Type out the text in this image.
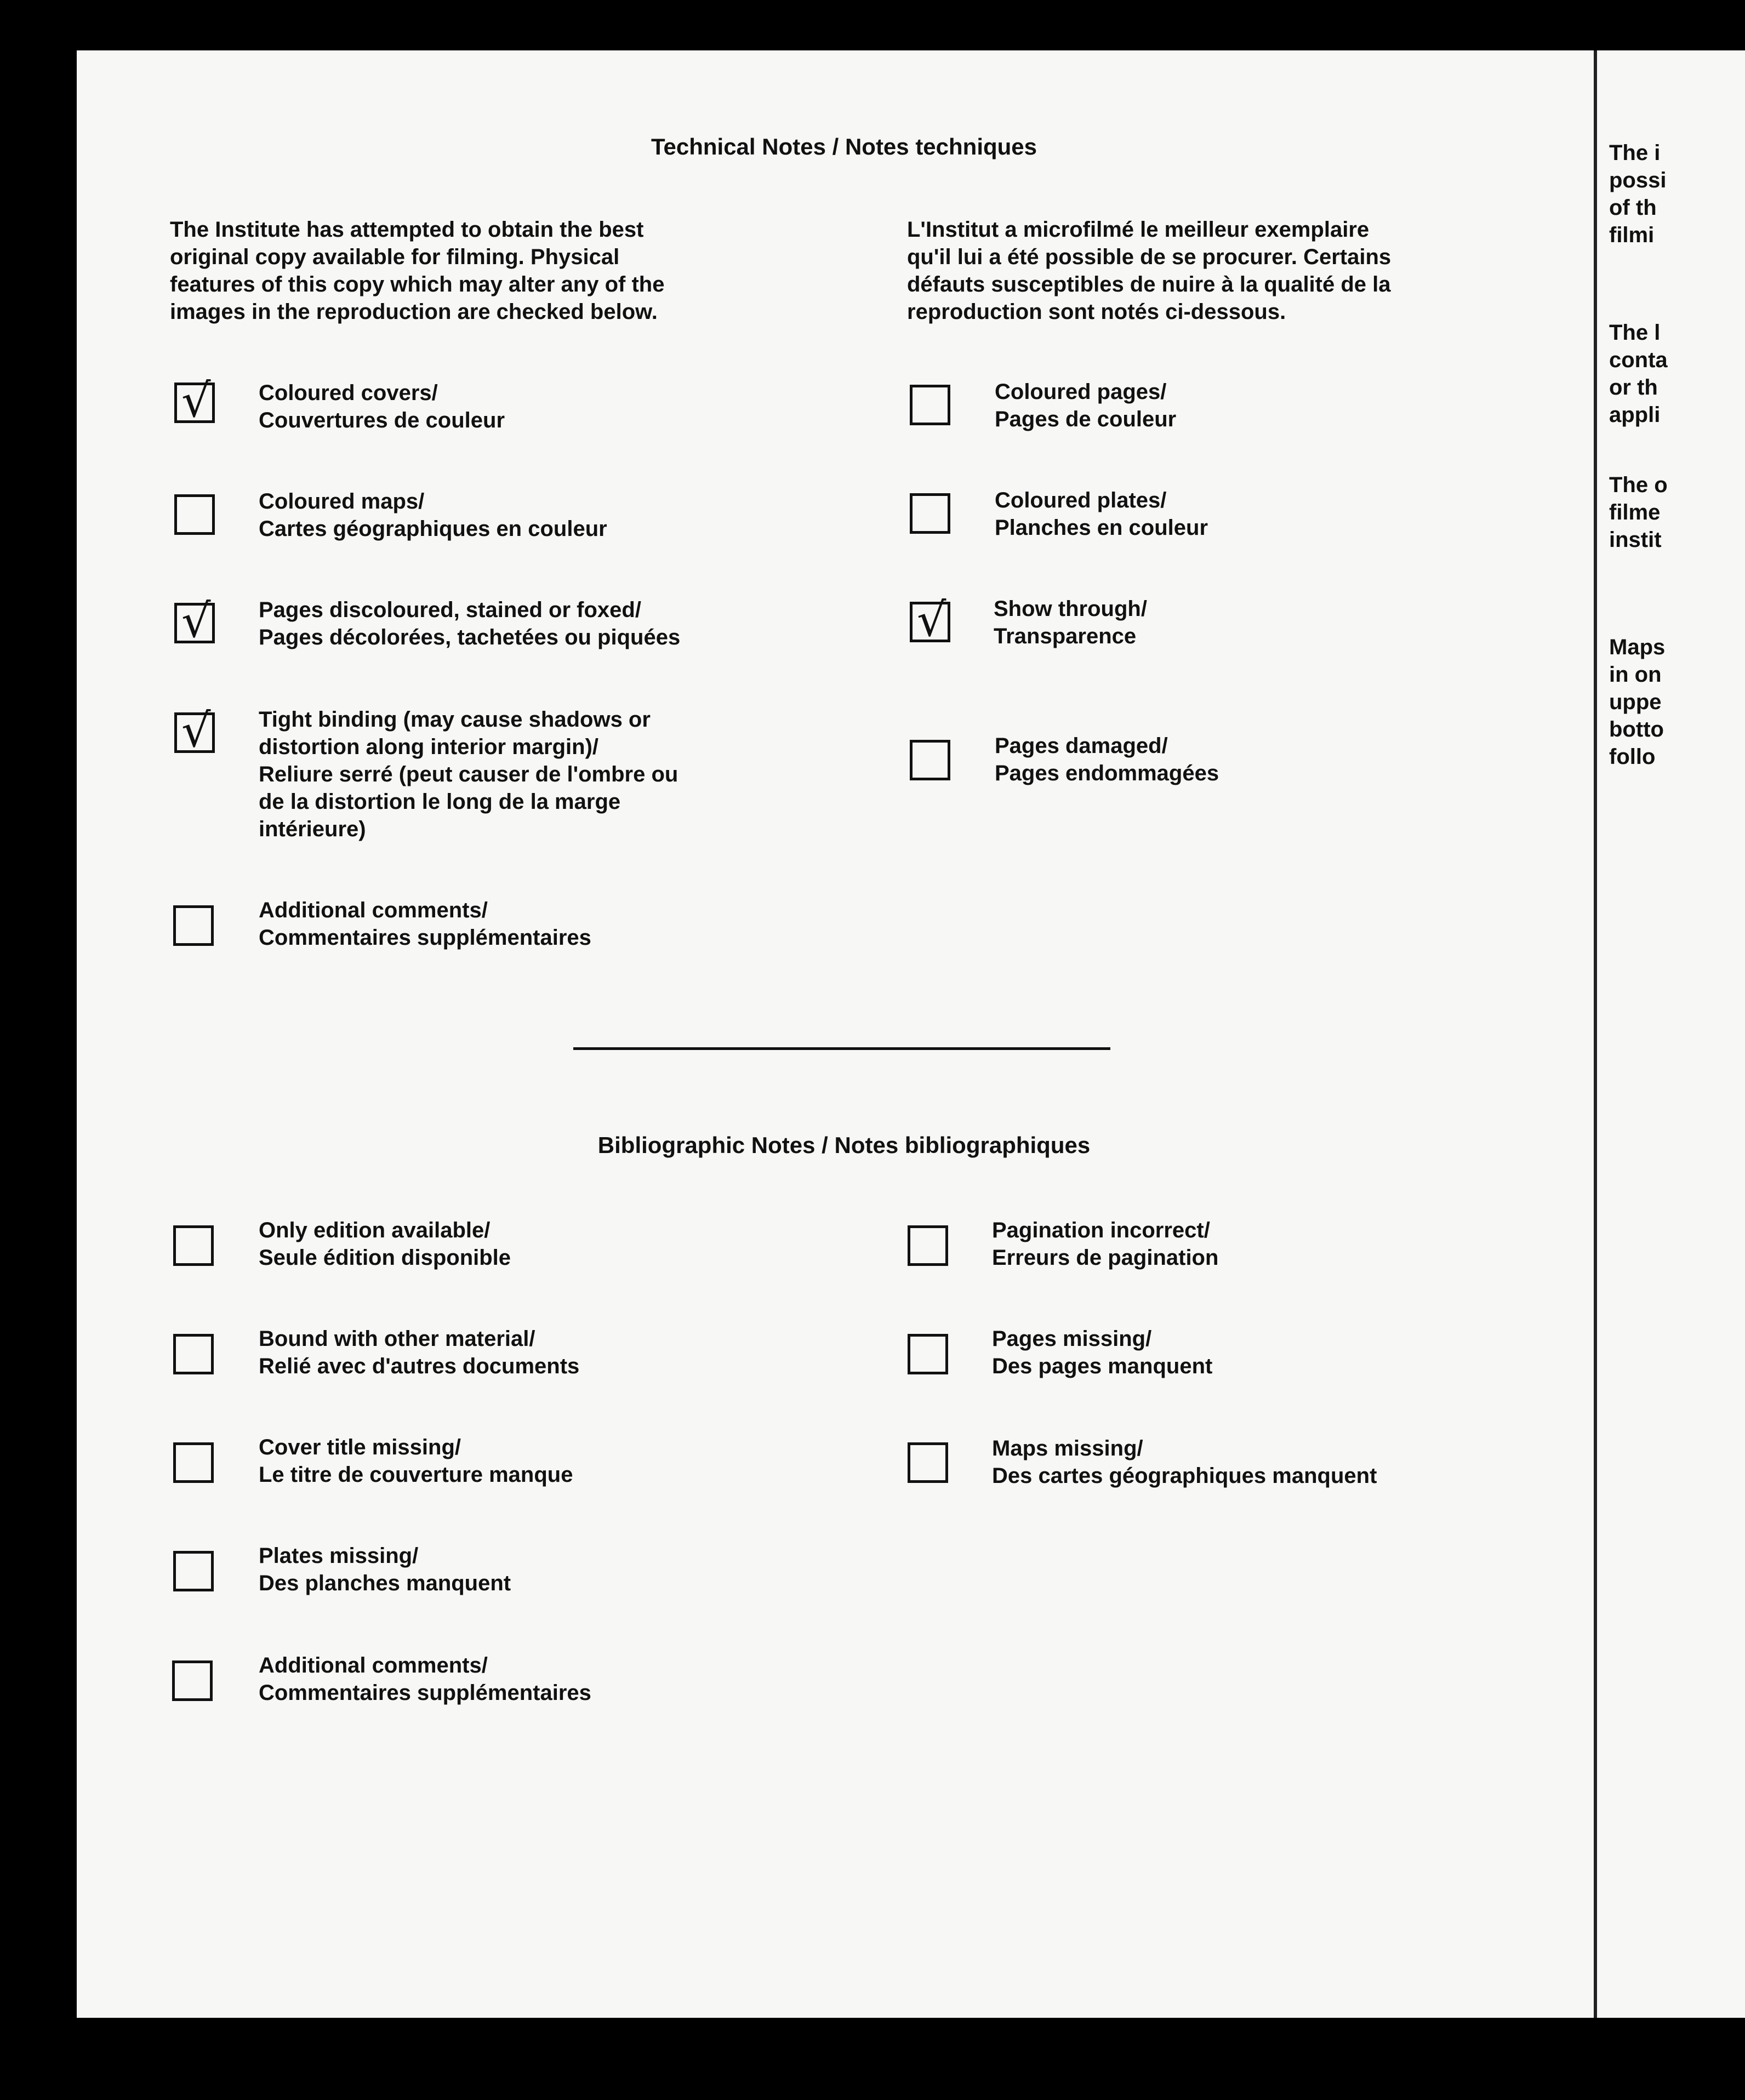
The i
possi
of th
filmi
The l
conta
or th
appli
The o
filme
instit
Maps
in on
uppe
botto
follo
Technical Notes / Notes techniques
The Institute has attempted to obtain the best
original copy available for filming. Physical
features of this copy which may alter any of the
images in the reproduction are checked below.
L'Institut a microfilmé le meilleur exemplaire
qu'il lui a été possible de se procurer. Certains
défauts susceptibles de nuire à la qualité de la
reproduction sont notés ci-dessous.
√
Coloured covers/
Couvertures de couleur
Coloured maps/
Cartes géographiques en couleur
√
Pages discoloured, stained or foxed/
Pages décolorées, tachetées ou piquées
√
Tight binding (may cause shadows or
distortion along interior margin)/
Reliure serré (peut causer de l'ombre ou
de la distortion le long de la marge
intérieure)
Additional comments/
Commentaires supplémentaires
Coloured pages/
Pages de couleur
Coloured plates/
Planches en couleur
√
Show through/
Transparence
Pages damaged/
Pages endommagées
Bibliographic Notes / Notes bibliographiques
Only edition available/
Seule édition disponible
Bound with other material/
Relié avec d'autres documents
Cover title missing/
Le titre de couverture manque
Plates missing/
Des planches manquent
Additional comments/
Commentaires supplémentaires
Pagination incorrect/
Erreurs de pagination
Pages missing/
Des pages manquent
Maps missing/
Des cartes géographiques manquent
